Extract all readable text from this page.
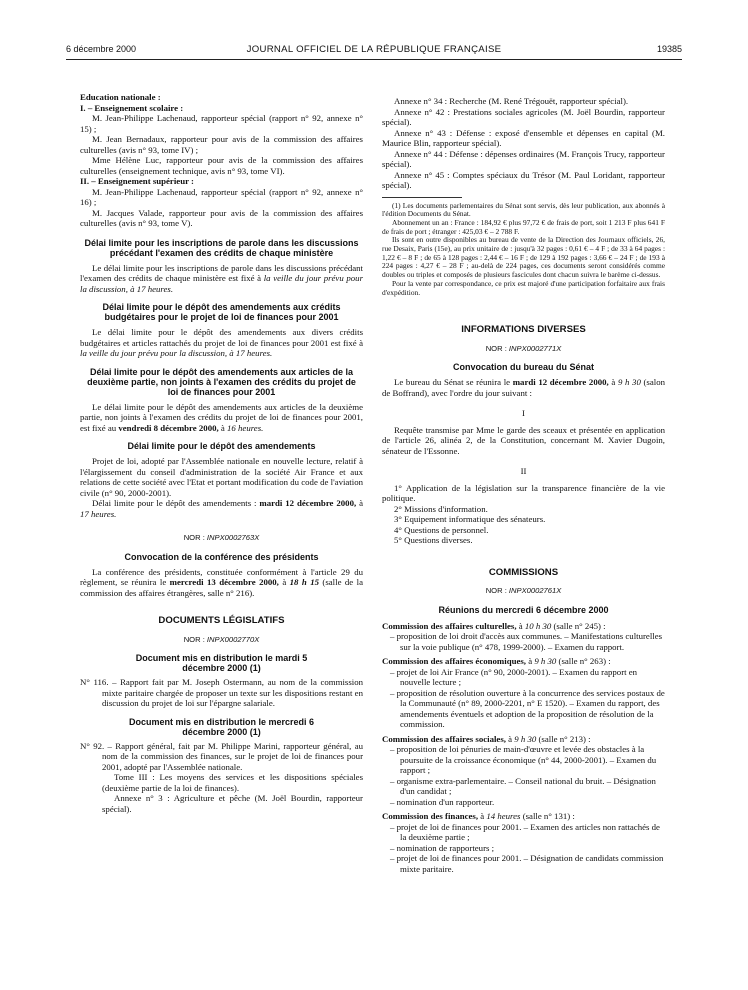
6 décembre 2000	JOURNAL OFFICIEL DE LA RÉPUBLIQUE FRANÇAISE	19385

Education nationale :

I. – Enseignement scolaire :

M. Jean-Philippe Lachenaud, rapporteur spécial (rapport n° 92, annexe n° 15) ;

M. Jean Bernadaux, rapporteur pour avis de la commission des affaires culturelles (avis n° 93, tome IV) ;

Mme Hélène Luc, rapporteur pour avis de la commission des affaires culturelles (enseignement technique, avis n° 93, tome VI).

II. – Enseignement supérieur :

M. Jean-Philippe Lachenaud, rapporteur spécial (rapport n° 92, annexe n° 16) ;

M. Jacques Valade, rapporteur pour avis de la commission des affaires culturelles (avis n° 93, tome V).

Délai limite pour les inscriptions de parole dans les discussions précédant l'examen des crédits de chaque ministère

Le délai limite pour les inscriptions de parole dans les discussions précédant l'examen des crédits de chaque ministère est fixé à la veille du jour prévu pour la discussion, à 17 heures.

Délai limite pour le dépôt des amendements aux crédits budgétaires pour le projet de loi de finances pour 2001

Le délai limite pour le dépôt des amendements aux divers crédits budgétaires et articles rattachés du projet de loi de finances pour 2001 est fixé à la veille du jour prévu pour la discussion, à 17 heures.

Délai limite pour le dépôt des amendements aux articles de la deuxième partie, non joints à l'examen des crédits du projet de loi de finances pour 2001

Le délai limite pour le dépôt des amendements aux articles de la deuxième partie, non joints à l'examen des crédits du projet de loi de finances pour 2001, est fixé au vendredi 8 décembre 2000, à 16 heures.

Délai limite pour le dépôt des amendements

Projet de loi, adopté par l'Assemblée nationale en nouvelle lecture, relatif à l'élargissement du conseil d'administration de la société Air France et aux relations de cette société avec l'Etat et portant modification du code de l'aviation civile (n° 90, 2000-2001).

Délai limite pour le dépôt des amendements : mardi 12 décembre 2000, à 17 heures.

NOR : INPX0002763X

Convocation de la conférence des présidents

La conférence des présidents, constituée conformément à l'article 29 du règlement, se réunira le mercredi 13 décembre 2000, à 18 h 15 (salle de la commission des affaires étrangères, salle n° 216).

DOCUMENTS LÉGISLATIFS

NOR : INPX0002770X

Document mis en distribution le mardi 5 décembre 2000 (1)

N° 116. – Rapport fait par M. Joseph Ostermann, au nom de la commission mixte paritaire chargée de proposer un texte sur les dispositions restant en discussion du projet de loi sur l'épargne salariale.

Document mis en distribution le mercredi 6 décembre 2000 (1)

N° 92. – Rapport général, fait par M. Philippe Marini, rapporteur général, au nom de la commission des finances, sur le projet de loi de finances pour 2001, adopté par l'Assemblée nationale.

Tome III : Les moyens des services et les dispositions spéciales (deuxième partie de la loi de finances).

Annexe n° 3 : Agriculture et pêche (M. Joël Bourdin, rapporteur spécial).

Annexe n° 34 : Recherche (M. René Trégouët, rapporteur spécial).

Annexe n° 42 : Prestations sociales agricoles (M. Joël Bourdin, rapporteur spécial).

Annexe n° 43 : Défense : exposé d'ensemble et dépenses en capital (M. Maurice Blin, rapporteur spécial).

Annexe n° 44 : Défense : dépenses ordinaires (M. François Trucy, rapporteur spécial).

Annexe n° 45 : Comptes spéciaux du Trésor (M. Paul Loridant, rapporteur spécial).

(1) Les documents parlementaires du Sénat sont servis, dès leur publication, aux abonnés à l'édition Documents du Sénat.

Abonnement un an : France : 184,92 € plus 97,72 € de frais de port, soit 1 213 F plus 641 F de frais de port ; étranger : 425,03 € – 2 788 F.

Ils sont en outre disponibles au bureau de vente de la Direction des Journaux officiels, 26, rue Desaix, Paris (15e), au prix unitaire de : jusqu'à 32 pages : 0,61 € – 4 F ; de 33 à 64 pages : 1,22 € – 8 F ; de 65 à 128 pages : 2,44 € – 16 F ; de 129 à 192 pages : 3,66 € – 24 F ; de 193 à 224 pages : 4,27 € – 28 F ; au-delà de 224 pages, ces documents seront considérés comme doubles ou triples et composés de plusieurs fascicules dont chacun suivra le barème ci-dessus.

Pour la vente par correspondance, ce prix est majoré d'une participation forfaitaire aux frais d'expédition.

INFORMATIONS DIVERSES

NOR : INPX0002771X

Convocation du bureau du Sénat

Le bureau du Sénat se réunira le mardi 12 décembre 2000, à 9 h 30 (salon de Boffrand), avec l'ordre du jour suivant :

I

Requête transmise par Mme le garde des sceaux et présentée en application de l'article 26, alinéa 2, de la Constitution, concernant M. Xavier Dugoin, sénateur de l'Essonne.

II

1° Application de la législation sur la transparence financière de la vie politique.

2° Missions d'information.

3° Equipement informatique des sénateurs.

4° Questions de personnel.

5° Questions diverses.

COMMISSIONS

NOR : INPX0002761X

Réunions du mercredi 6 décembre 2000

Commission des affaires culturelles, à 10 h 30 (salle n° 245) :

– proposition de loi droit d'accès aux communes. – Manifestations culturelles sur la voie publique (n° 478, 1999-2000). – Examen du rapport.

Commission des affaires économiques, à 9 h 30 (salle n° 263) :

– projet de loi Air France (n° 90, 2000-2001). – Examen du rapport en nouvelle lecture ;

– proposition de résolution ouverture à la concurrence des services postaux de la Communauté (n° 89, 2000-2201, n° E 1520). – Examen du rapport, des amendements éventuels et adoption de la proposition de résolution de la commission.

Commission des affaires sociales, à 9 h 30 (salle n° 213) :

– proposition de loi pénuries de main-d'œuvre et levée des obstacles à la poursuite de la croissance économique (n° 44, 2000-2001). – Examen du rapport ;

– organisme extra-parlementaire. – Conseil national du bruit. – Désignation d'un candidat ;

– nomination d'un rapporteur.

Commission des finances, à 14 heures (salle n° 131) :

– projet de loi de finances pour 2001. – Examen des articles non rattachés de la deuxième partie ;

– nomination de rapporteurs ;

– projet de loi de finances pour 2001. – Désignation de candidats commission mixte paritaire.
